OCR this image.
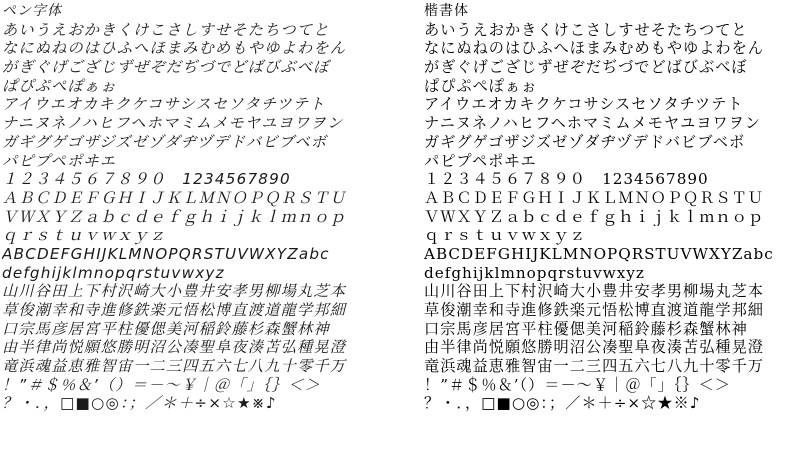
ペン字体
あいうえおかきくけこさしすせそたちつてと
なにぬねのはひふへほまみむめもやゆよわをん
がぎぐげござじずぜぞだぢづでどばびぶべぼ
ぱぴぷぺぽぁぉ
アイウエオカキクケコサシスセソタチツテト
ナニヌネノハヒフヘホマミムメモヤユヨワヲン
ガギグゲゴザジズゼゾダヂヅデドバビブベボ
パピプペポヰエ
１２３４５６７８９０　1234567890
ＡＢＣＤＥＦＧＨＩＪＫＬＭＮＯＰＱＲＳＴＵ
ＶＷＸＹＺａｂｃｄｅｆｇｈｉｊｋｌｍｎｏｐ
ｑｒｓｔｕｖｗｘｙｚ
ABCDEFGHIJKLMNOPQRSTUVWXYZabc
defghijklmnopqrstuvwxyz
山川谷田上下村沢崎大小豊井安孝男柳場丸芝本
草俊潮幸和寺進修鉄楽元悟松博直渡道龍学邦細
口宗馬彦居宮平柱優偲美河稲鈴藤杉森蟹林神
由半律尚悦願悠勝明沼公凑聖阜夜湊苫弘種晃澄
竜浜魂益恵雅智宙一二三四五六七八九十零千万
！”＃＄％＆’（）＝－～￥｜＠「」｛｝＜＞
？・．，□■○◎：；／＊＋÷×☆★※♪
楷書体
あいうえおかきくけこさしすせそたちつてと
なにぬねのはひふへほまみむめもやゆよわをん
がぎぐげござじずぜぞだぢづでどばびぶべぼ
ぱぴぷぺぽぁぉ
アイウエオカキクケコサシスセソタチツテト
ナニヌネノハヒフヘホマミムメモヤユヨワヲン
ガギグゲゴザジズゼゾダヂヅデドバビブベボ
パピプペポヰエ
１２３４５６７８９０　1234567890
ＡＢＣＤＥＦＧＨＩＪＫＬＭＮＯＰＱＲＳＴＵ
ＶＷＸＹＺａｂｃｄｅｆｇｈｉｊｋｌｍｎｏｐ
ｑｒｓｔｕｖｗｘｙｚ
ABCDEFGHIJKLMNOPQRSTUVWXYZabc
defghijklmnopqrstuvwxyz
山川谷田上下村沢崎大小豊井安孝男柳場丸芝本
草俊潮幸和寺進修鉄楽元悟松博直渡道龍学邦細
口宗馬彦居宮平柱優偲美河稲鈴藤杉森蟹林神
由半律尚悦願悠勝明沼公凑聖阜夜湊苫弘種晃澄
竜浜魂益恵雅智宙一二三四五六七八九十零千万
！”＃＄％＆’（）＝－～￥｜＠「」｛｝＜＞
？・．，□■○◎：；／＊＋÷×☆★※♪
